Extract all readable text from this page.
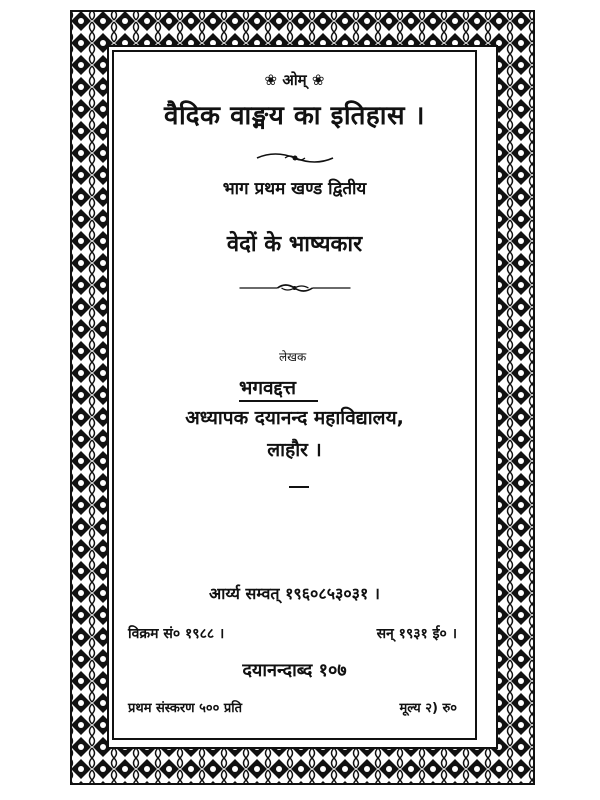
❀ ओम् ❀
वैदिक वाङ्मय का इतिहास ।
भाग प्रथम खण्ड द्वितीय
वेदों के भाष्यकार
लेखक
भगवद्दत्त
अध्यापक दयानन्द महाविद्यालय,
लाहौर ।
आर्य्य सम्वत् १९६०८५३०३१ ।
विक्रम सं० १९८८ ।	सन् १९३१ ई० ।
दयानन्दाब्द १०७
प्रथम संस्करण ५०० प्रति	मूल्य २) रु०
